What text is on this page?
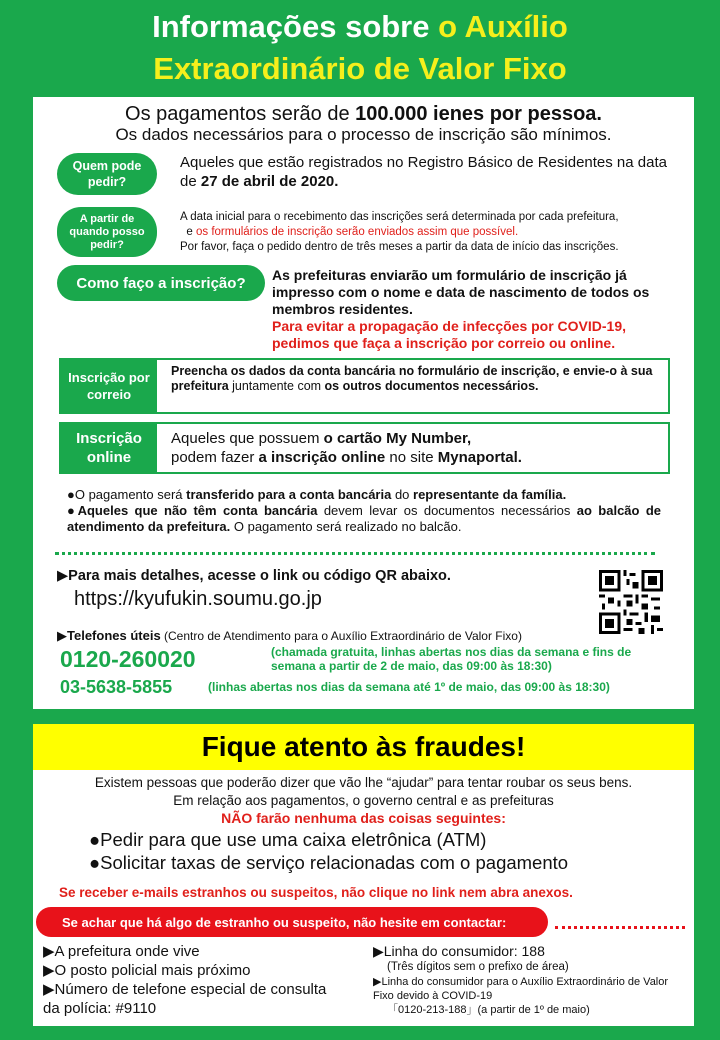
Informações sobre o Auxílio
Extraordinário de Valor Fixo
Os pagamentos serão de 100.000 ienes por pessoa.
Os dados necessários para o processo de inscrição são mínimos.
Quem pode pedir?
Aqueles que estão registrados no Registro Básico de Residentes na data de 27 de abril de 2020.
A partir de quando posso pedir?
A data inicial para o recebimento das inscrições será determinada por cada prefeitura,
e os formulários de inscrição serão enviados assim que possível.
Por favor, faça o pedido dentro de três meses a partir da data de início das inscrições.
Como faço a inscrição? As prefeituras enviarão um formulário de inscrição já impresso com o nome e data de nascimento de todos os membros residentes.
Para evitar a propagação de infecções por COVID-19, pedimos que faça a inscrição por correio ou online.
Inscrição por correio
Preencha os dados da conta bancária no formulário de inscrição, e envie-o à sua prefeitura juntamente com os outros documentos necessários.
Inscrição online
Aqueles que possuem o cartão My Number,
podem fazer a inscrição online no site Mynaportal.
●O pagamento será transferido para a conta bancária do representante da família.
●Aqueles que não têm conta bancária devem levar os documentos necessários ao balcão de atendimento da prefeitura. O pagamento será realizado no balcão.
▶Para mais detalhes, acesse o link ou código QR abaixo.
https://kyufukin.soumu.go.jp
▶Telefones úteis (Centro de Atendimento para o Auxílio Extraordinário de Valor Fixo)
0120-260020	(chamada gratuita, linhas abertas nos dias da semana e fins de semana a partir de 2 de maio, das 09:00 às 18:30)
03-5638-5855	(linhas abertas nos dias da semana até 1º de maio, das 09:00 às 18:30)
Fique atento às fraudes!
Existem pessoas que poderão dizer que vão lhe “ajudar” para tentar roubar os seus bens.
Em relação aos pagamentos, o governo central e as prefeituras
NÃO farão nenhuma das coisas seguintes:
●Pedir para que use uma caixa eletrônica (ATM)
●Solicitar taxas de serviço relacionadas com o pagamento
Se receber e-mails estranhos ou suspeitos, não clique no link nem abra anexos.
Se achar que há algo de estranho ou suspeito, não hesite em contactar:
▶A prefeitura onde vive
▶O posto policial mais próximo
▶Número de telefone especial de consulta da polícia: #9110
▶Linha do consumidor: 188
(Três dígitos sem o prefixo de área)
▶Linha do consumidor para o Auxílio Extraordinário de Valor Fixo devido à COVID-19
「0120-213-188」(a partir de 1º de maio)
